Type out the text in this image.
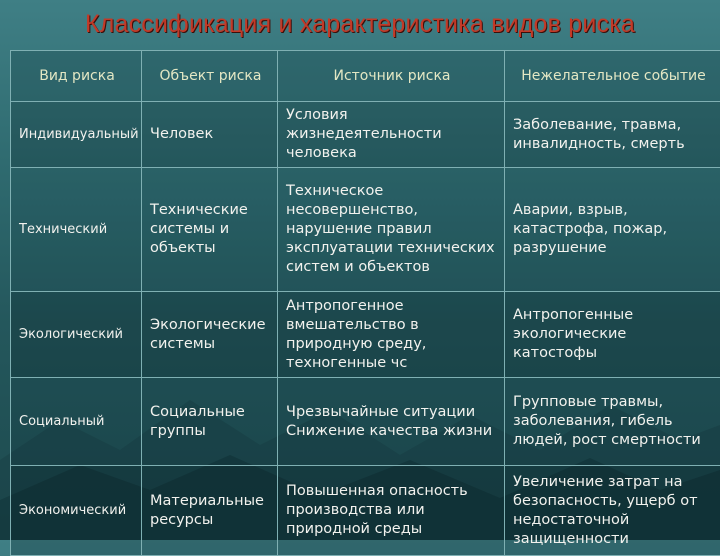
Классификация и характеристика видов риска
Вид риска	Объект риска	Источник риска	Нежелательное событие
Индивидуальный	Человек	Условия жизнедеятельности человека	Заболевание, травма, инвалидность, смерть
Технический	Технические системы и объекты	Техническое несовершенство, нарушение правил эксплуатации технических систем и объектов	Аварии, взрыв, катастрофа, пожар, разрушение
Экологический	Экологические системы	Антропогенное вмешательство в природную среду, техногенные чс	Антропогенные экологические катостофы
Социальный	Социальные группы	Чрезвычайные ситуации Снижение качества жизни	Групповые травмы, заболевания, гибель людей, рост смертности
Экономический	Материальные ресурсы	Повышенная опасность производства или природной среды	Увеличение затрат на безопасность, ущерб от недостаточной защищенности
